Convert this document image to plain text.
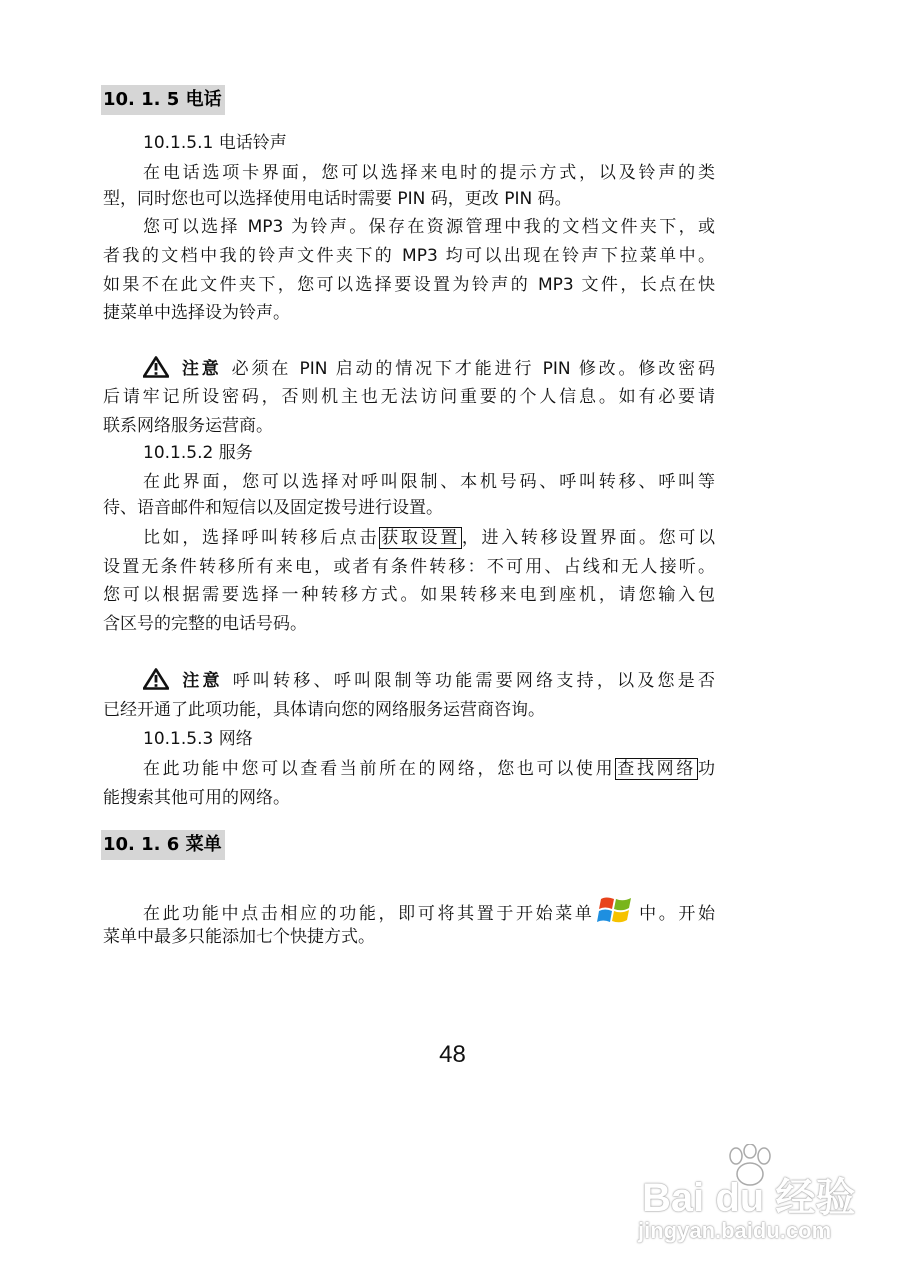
10. 1. 5 电话
10.1.5.1 电话铃声
在电话选项卡界面，您可以选择来电时的提示方式，以及铃声的类
型，同时您也可以选择使用电话时需要 PIN 码，更改 PIN 码。
您可以选择 MP3 为铃声。保存在资源管理中我的文档文件夹下，或
者我的文档中我的铃声文件夹下的 MP3 均可以出现在铃声下拉菜单中。
如果不在此文件夹下，您可以选择要设置为铃声的 MP3 文件，长点在快
捷菜单中选择设为铃声。
注意 必须在 PIN 启动的情况下才能进行 PIN 修改。修改密码
后请牢记所设密码，否则机主也无法访问重要的个人信息。如有必要请
联系网络服务运营商。
10.1.5.2 服务
在此界面，您可以选择对呼叫限制、本机号码、呼叫转移、呼叫等
待、语音邮件和短信以及固定拨号进行设置。
比如，选择呼叫转移后点击 获取设置 ，进入转移设置界面。您可以
设置无条件转移所有来电，或者有条件转移：不可用、占线和无人接听。
您可以根据需要选择一种转移方式。如果转移来电到座机，请您输入包
含区号的完整的电话号码。
注意 呼叫转移、呼叫限制等功能需要网络支持，以及您是否
已经开通了此项功能，具体请向您的网络服务运营商咨询。
10.1.5.3 网络
在此功能中您可以查看当前所在的网络，您也可以使用 查找网络 功
能搜索其他可用的网络。
10. 1. 6 菜单
在此功能中点击相应的功能，即可将其置于开始菜单 中。开始
菜单中最多只能添加七个快捷方式。
48
Bai du 经验
jingyan.baidu.com
